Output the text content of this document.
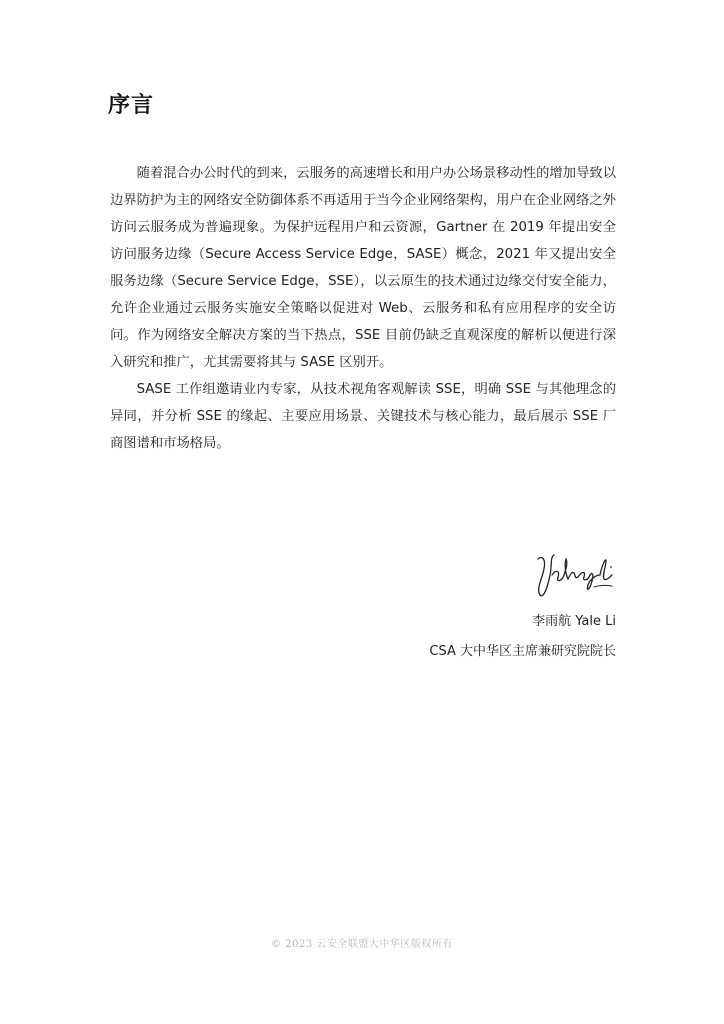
序言

随着混合办公时代的到来，云服务的高速增长和用户办公场景移动性的增加导致以边界防护为主的网络安全防御体系不再适用于当今企业网络架构，用户在企业网络之外访问云服务成为普遍现象。为保护远程用户和云资源，Gartner 在 2019 年提出安全访问服务边缘（Secure Access Service Edge，SASE）概念，2021 年又提出安全服务边缘（Secure Service Edge，SSE），以云原生的技术通过边缘交付安全能力，允许企业通过云服务实施安全策略以促进对 Web、云服务和私有应用程序的安全访问。作为网络安全解决方案的当下热点，SSE 目前仍缺乏直观深度的解析以便进行深入研究和推广，尤其需要将其与 SASE 区别开。

SASE 工作组邀请业内专家，从技术视角客观解读 SSE，明确 SSE 与其他理念的异同，并分析 SSE 的缘起、主要应用场景、关键技术与核心能力，最后展示 SSE 厂商图谱和市场格局。

李雨航 Yale Li
CSA 大中华区主席兼研究院院长
© 2023 云安全联盟大中华区版权所有
